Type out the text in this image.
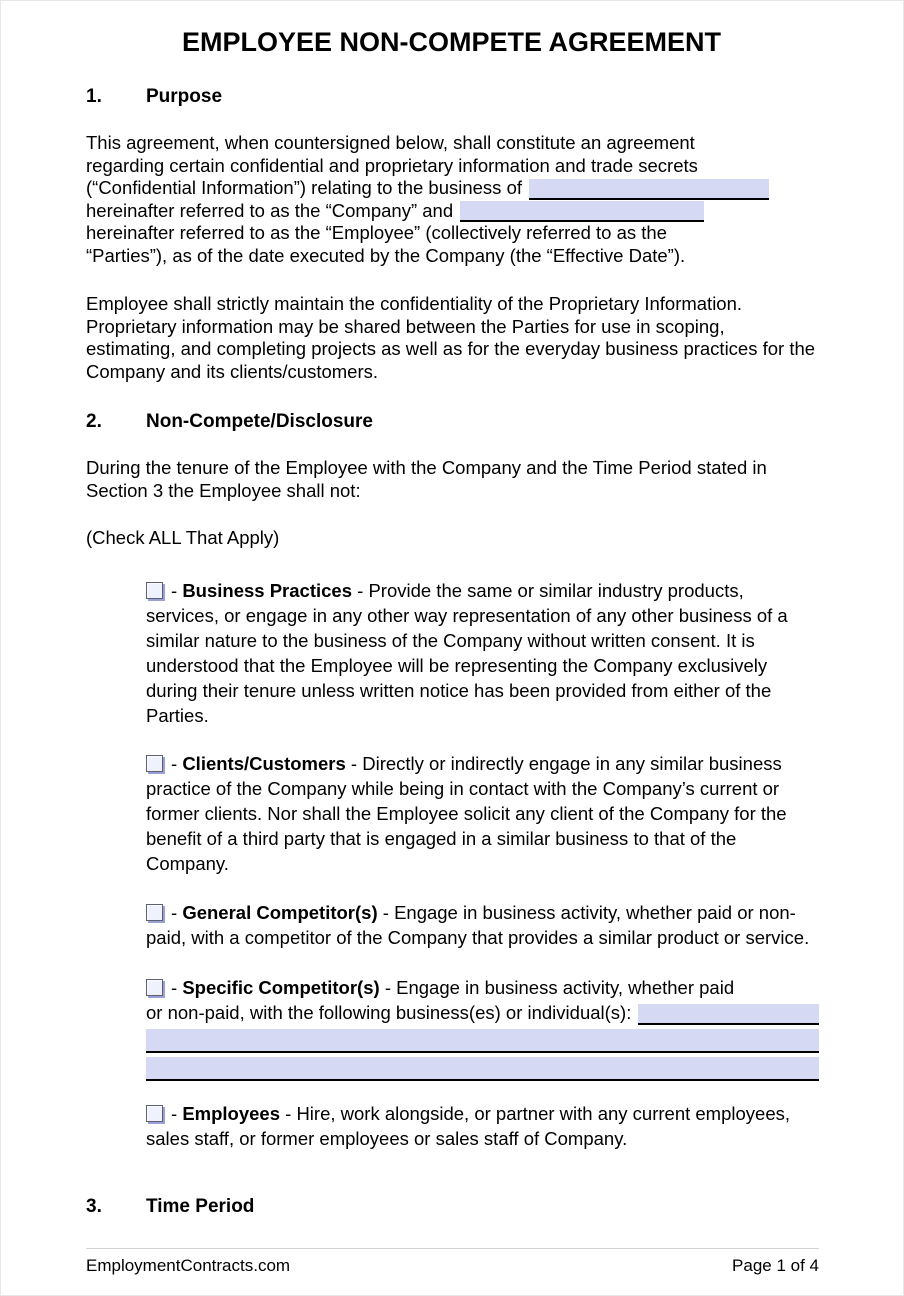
EMPLOYEE NON-COMPETE AGREEMENT
1.	Purpose
This agreement, when countersigned below, shall constitute an agreement
regarding certain confidential and proprietary information and trade secrets
(“Confidential Information”) relating to the business of
hereinafter referred to as the “Company” and
hereinafter referred to as the “Employee” (collectively referred to as the
“Parties”), as of the date executed by the Company (the “Effective Date”).
Employee shall strictly maintain the confidentiality of the Proprietary Information. Proprietary information may be shared between the Parties for use in scoping, estimating, and completing projects as well as for the everyday business practices for the Company and its clients/customers.
2.	Non-Compete/Disclosure
During the tenure of the Employee with the Company and the Time Period stated in Section 3 the Employee shall not:
(Check ALL That Apply)
- Business Practices - Provide the same or similar industry products, services, or engage in any other way representation of any other business of a similar nature to the business of the Company without written consent. It is understood that the Employee will be representing the Company exclusively during their tenure unless written notice has been provided from either of the Parties.
- Clients/Customers - Directly or indirectly engage in any similar business practice of the Company while being in contact with the Company’s current or former clients. Nor shall the Employee solicit any client of the Company for the benefit of a third party that is engaged in a similar business to that of the Company.
- General Competitor(s) - Engage in business activity, whether paid or non-paid, with a competitor of the Company that provides a similar product or service.
- Specific Competitor(s) - Engage in business activity, whether paid
or non-paid, with the following business(es) or individual(s):
- Employees - Hire, work alongside, or partner with any current employees, sales staff, or former employees or sales staff of Company.
3.	Time Period
EmploymentContracts.com	Page 1 of 4
